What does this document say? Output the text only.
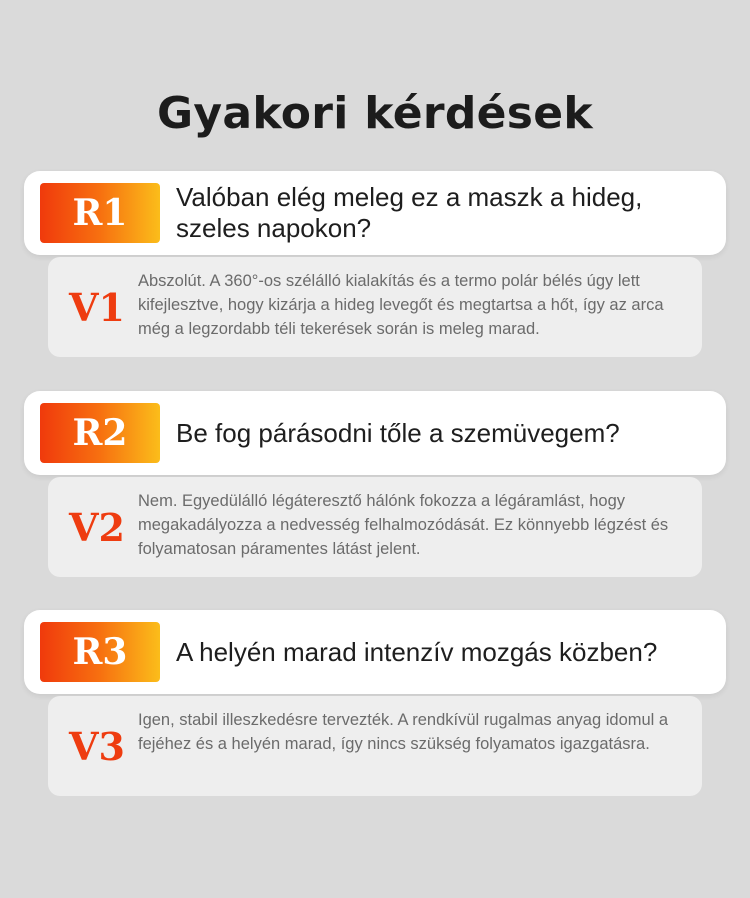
Gyakori kérdések
R1	Valóban elég meleg ez a maszk a hideg, szeles napokon?
V1
Abszolút. A 360°-os szélálló kialakítás és a termo polár bélés úgy lett kifejlesztve, hogy kizárja a hideg levegőt és megtartsa a hőt, így az arca még a legzordabb téli tekerések során is meleg marad.
R2	Be fog párásodni tőle a szemüvegem?
V2
Nem. Egyedülálló légáteresztő hálónk fokozza a légáramlást, hogy megakadályozza a nedvesség felhalmozódását. Ez könnyebb légzést és folyamatosan páramentes látást jelent.
R3	A helyén marad intenzív mozgás közben?
V3
Igen, stabil illeszkedésre tervezték. A rendkívül rugalmas anyag idomul a fejéhez és a helyén marad, így nincs szükség folyamatos igazgatásra.
